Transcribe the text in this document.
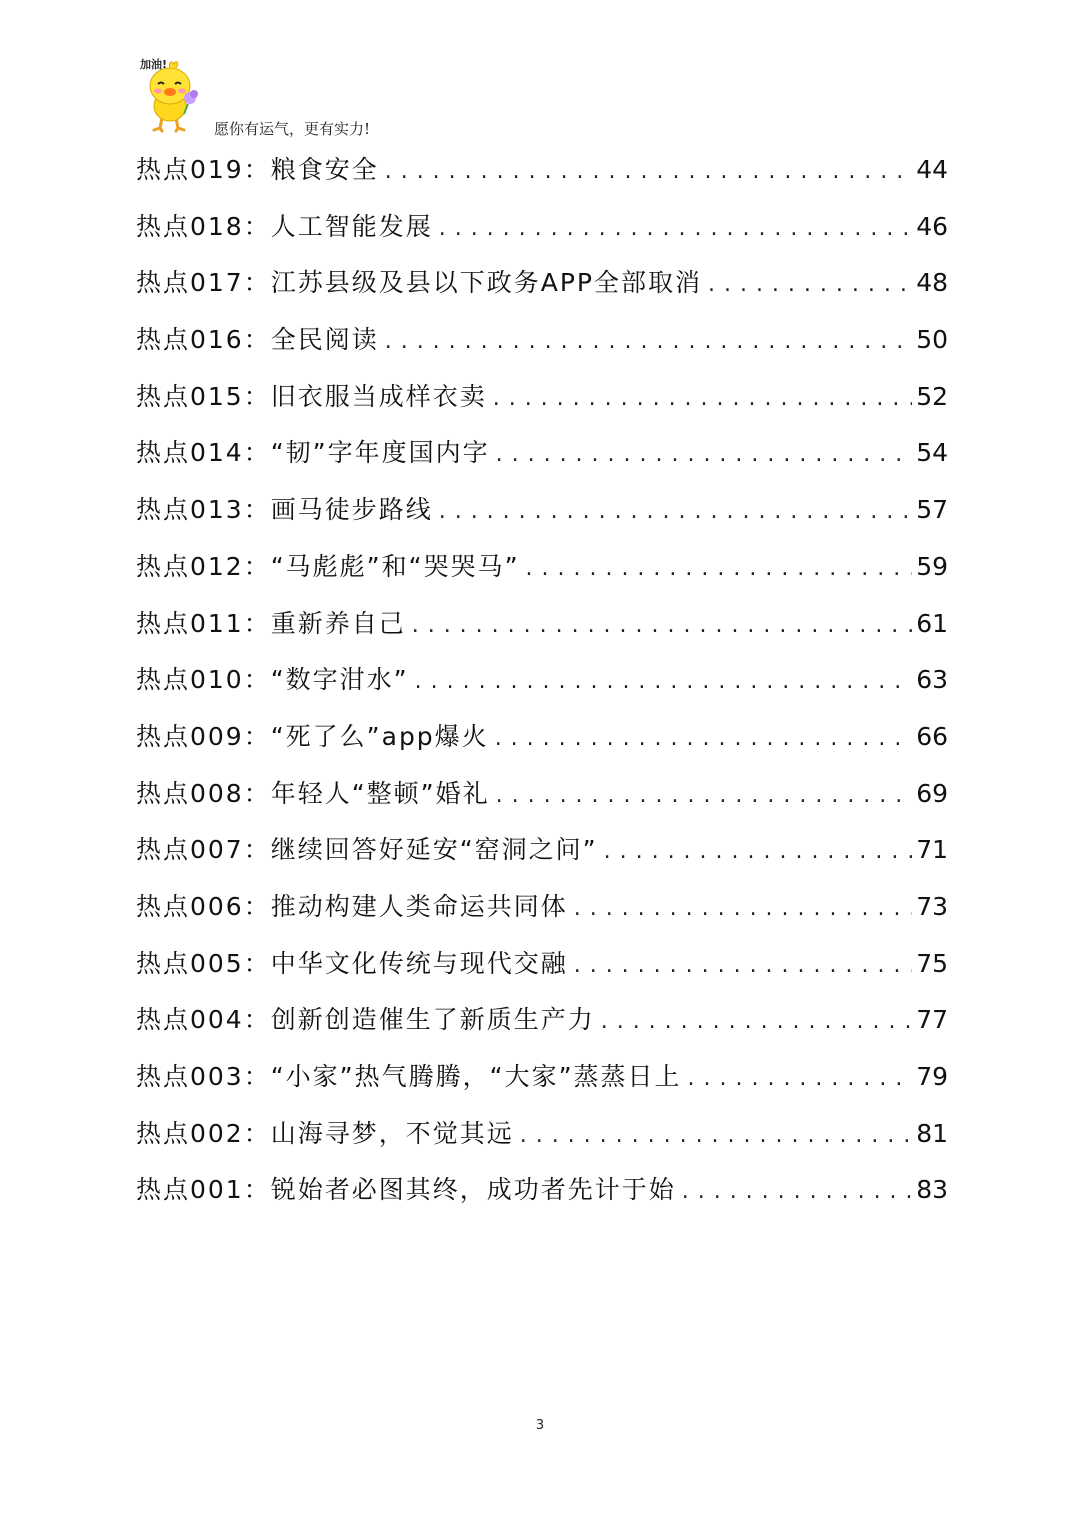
加油!
愿你有运气，更有实力!
热点019：粮食安全 . . .	44
热点018：人工智能发展 . . .	46
热点017：江苏县级及县以下政务APP全部取消 . . .	48
热点016：全民阅读 . . .	50
热点015：旧衣服当成样衣卖 . . .	52
热点014：“韧”字年度国内字 . . .	54
热点013：画马徒步路线 . . .	57
热点012：“马彪彪”和“哭哭马” . . .	59
热点011：重新养自己 . . .	61
热点010：“数字泔水” . . .	63
热点009：“死了么”app爆火 . . .	66
热点008：年轻人“整顿”婚礼 . . .	69
热点007：继续回答好延安“窑洞之问” . . .	71
热点006：推动构建人类命运共同体 . . .	73
热点005：中华文化传统与现代交融 . . .	75
热点004：创新创造催生了新质生产力 . . .	77
热点003：“小家”热气腾腾，“大家”蒸蒸日上 . . .	79
热点002：山海寻梦，不觉其远 . . .	81
热点001：锐始者必图其终，成功者先计于始 . . .	83
3
